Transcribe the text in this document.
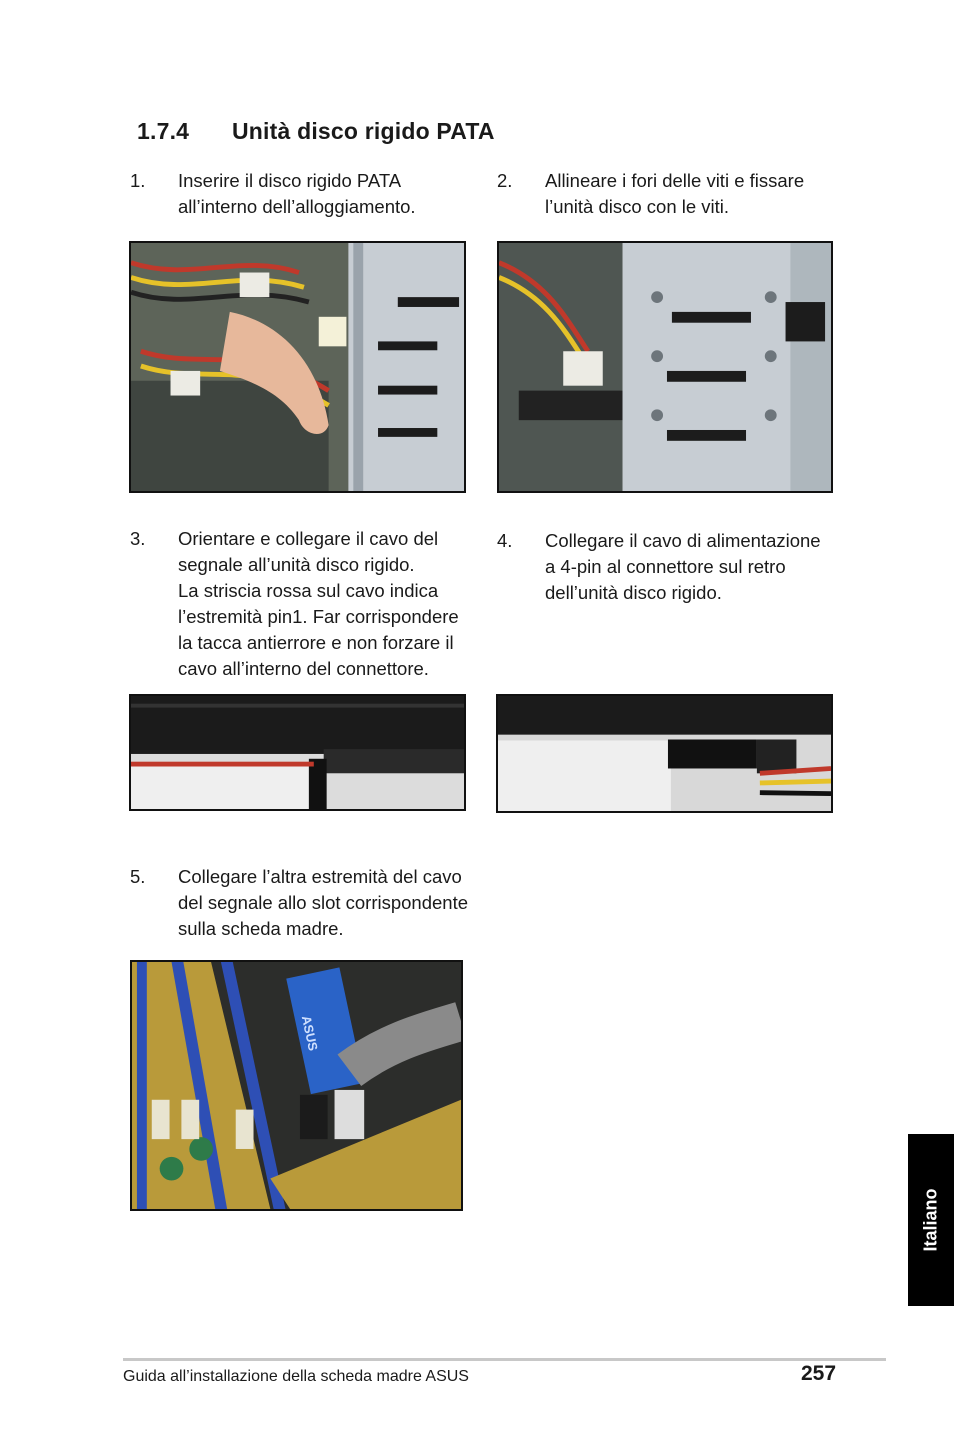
1.7.4 Unità disco rigido PATA
1. Inserire il disco rigido PATA
all’interno dell’alloggiamento.
2. Allineare i fori delle viti e fissare
l’unità disco con le viti.
3. Orientare e collegare il cavo del
segnale all’unità disco rigido.
La striscia rossa sul cavo indica
l’estremità pin1. Far corrispondere
la tacca antierrore e non forzare il
cavo all’interno del connettore.
4. Collegare il cavo di alimentazione
a 4-pin al connettore sul retro
dell’unità disco rigido.
5. Collegare l’altra estremità del cavo
del segnale allo slot corrispondente
sulla scheda madre.
ASUS
Italiano
Guida all’installazione della scheda madre ASUS	257
